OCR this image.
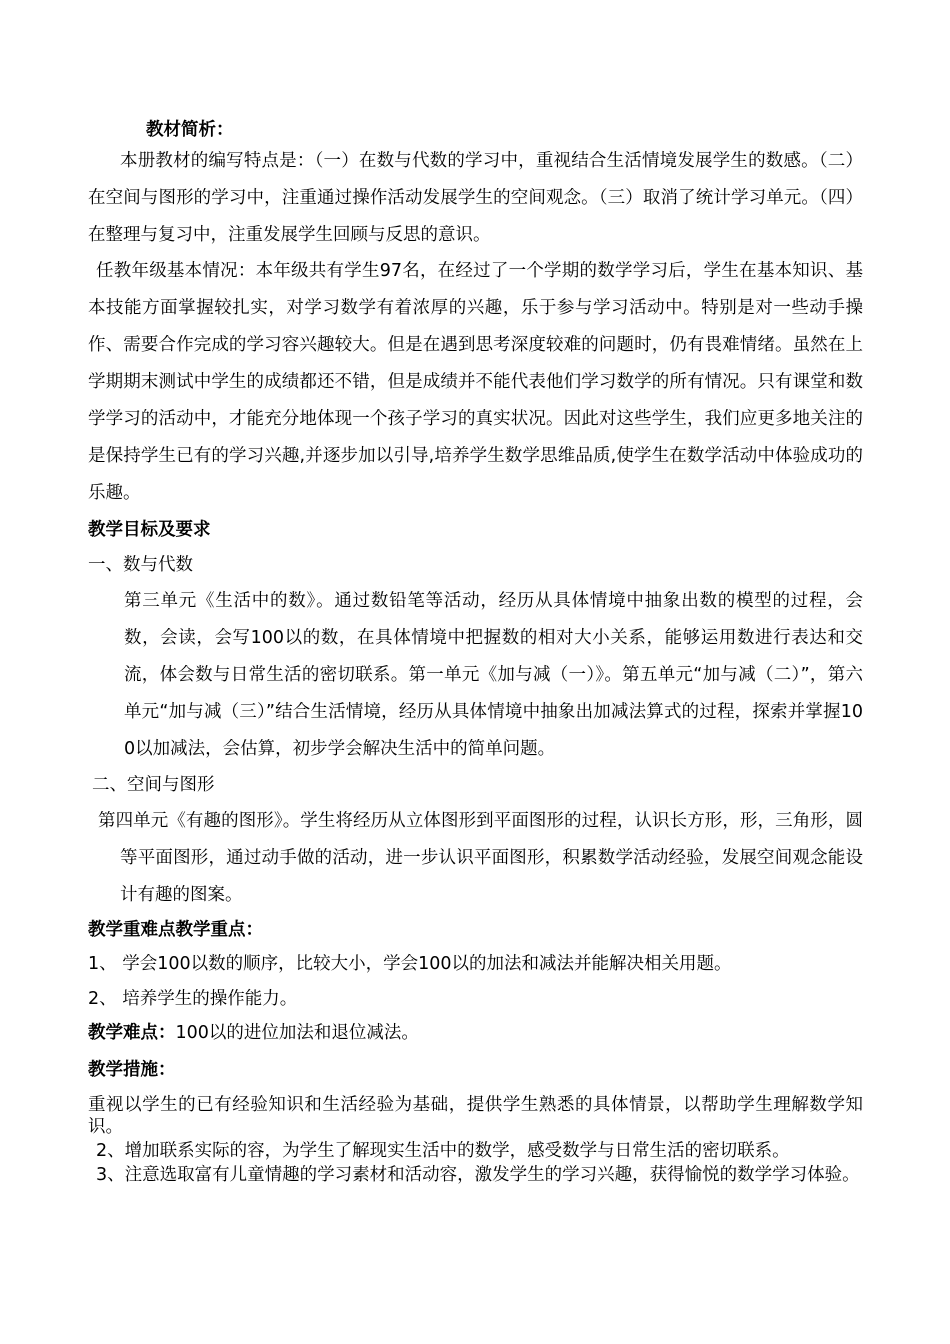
教材简析：
本册教材的编写特点是：（一）在数与代数的学习中，重视结合生活情境发展学生的数感。（二）在空间与图形的学习中，注重通过操作活动发展学生的空间观念。（三）取消了统计学习单元。（四）在整理与复习中，注重发展学生回顾与反思的意识。
任教年级基本情况：本年级共有学生97名，在经过了一个学期的数学学习后，学生在基本知识、基本技能方面掌握较扎实，对学习数学有着浓厚的兴趣，乐于参与学习活动中。特别是对一些动手操作、需要合作完成的学习容兴趣较大。但是在遇到思考深度较难的问题时，仍有畏难情绪。虽然在上学期期末测试中学生的成绩都还不错，但是成绩并不能代表他们学习数学的所有情况。只有课堂和数学学习的活动中，才能充分地体现一个孩子学习的真实状况。因此对这些学生，我们应更多地关注的是保持学生已有的学习兴趣,并逐步加以引导,培养学生数学思维品质,使学生在数学活动中体验成功的乐趣。
教学目标及要求
一、数与代数
第三单元《生活中的数》。通过数铅笔等活动，经历从具体情境中抽象出数的模型的过程，会数，会读，会写100以的数，在具体情境中把握数的相对大小关系，能够运用数进行表达和交流，体会数与日常生活的密切联系。第一单元《加与减（一）》。第五单元“加与减（二）”，第六单元“加与减（三）”结合生活情境，经历从具体情境中抽象出加减法算式的过程，探索并掌握100以加减法，会估算，初步学会解决生活中的简单问题。
二、空间与图形
第四单元《有趣的图形》。学生将经历从立体图形到平面图形的过程，认识长方形，形，三角形，圆等平面图形，通过动手做的活动，进一步认识平面图形，积累数学活动经验，发展空间观念能设计有趣的图案。
教学重难点教学重点：
1、 学会100以数的顺序，比较大小，学会100以的加法和减法并能解决相关用题。
2、 培养学生的操作能力。
教学难点：100以的进位加法和退位减法。
教学措施：
重视以学生的已有经验知识和生活经验为基础，提供学生熟悉的具体情景，以帮助学生理解数学知识。
2、增加联系实际的容，为学生了解现实生活中的数学，感受数学与日常生活的密切联系。
3、注意选取富有儿童情趣的学习素材和活动容，激发学生的学习兴趣，获得愉悦的数学学习体验。
